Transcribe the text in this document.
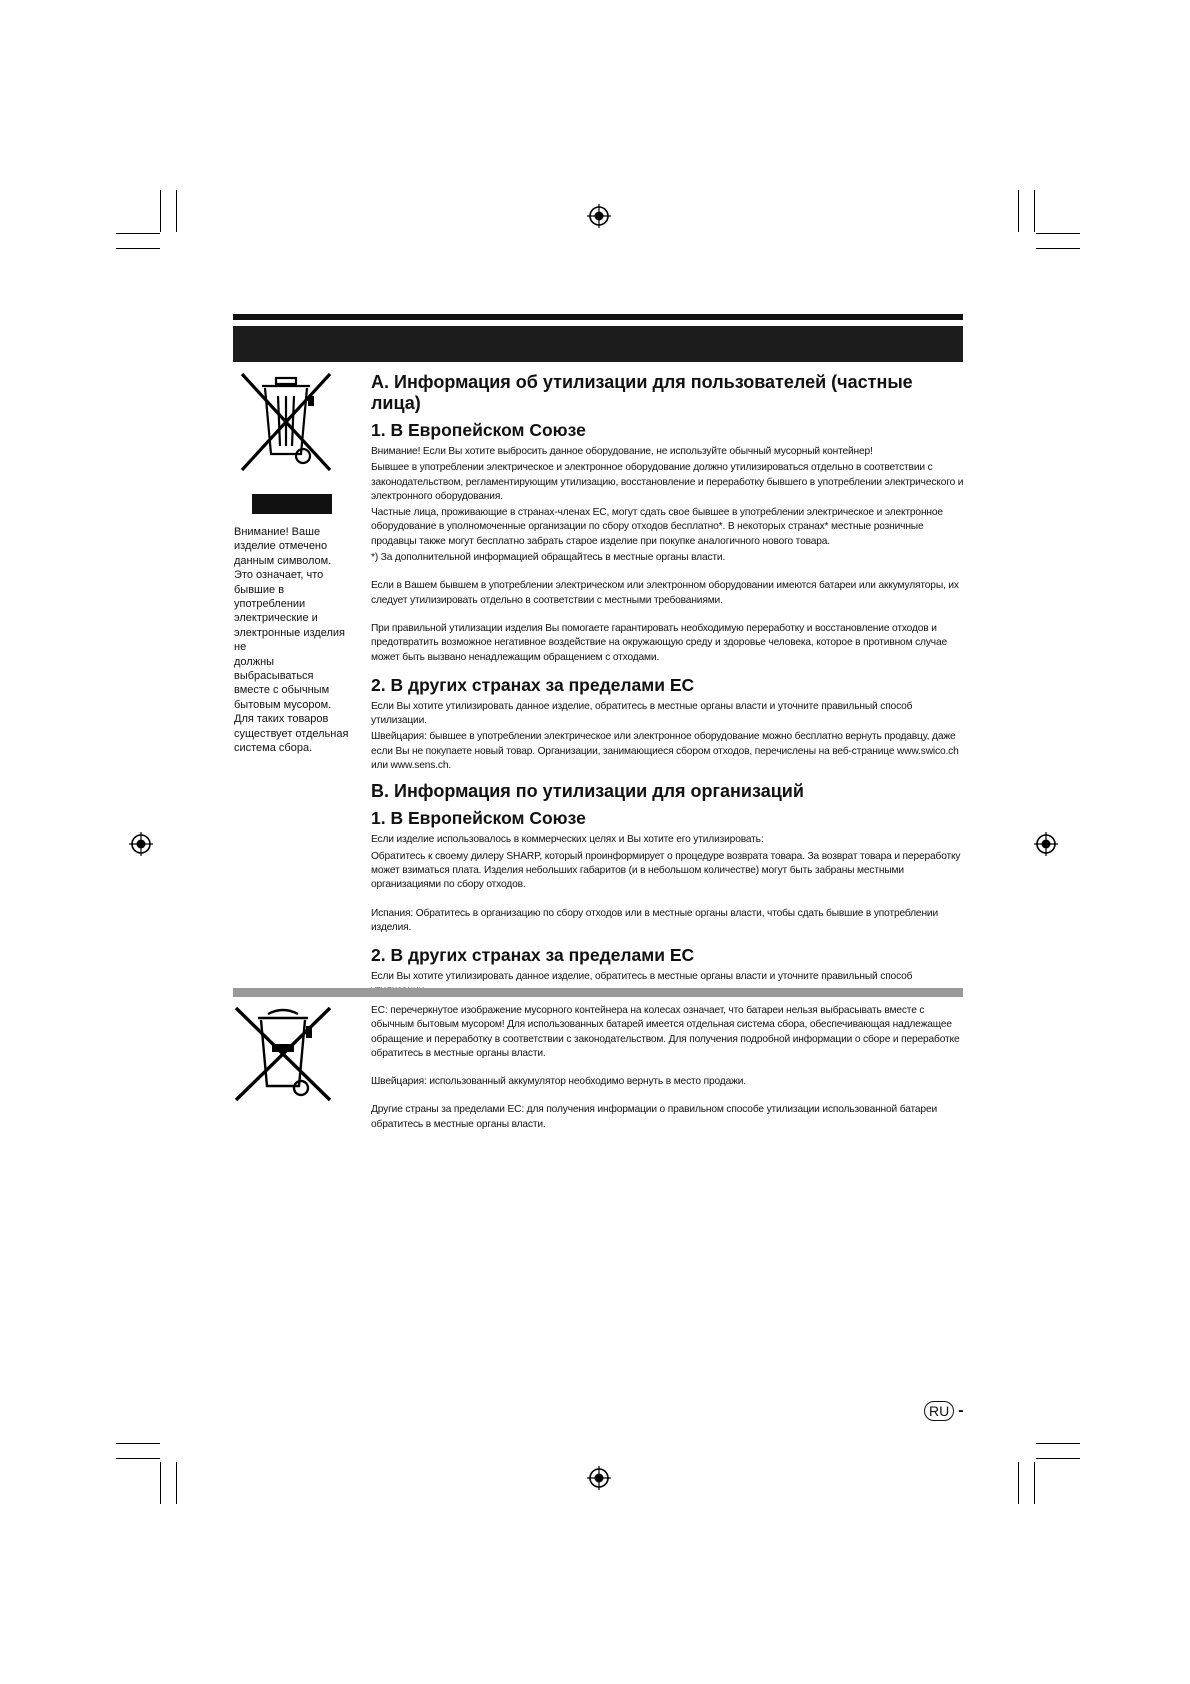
Внимание! Ваше
изделие отмечено
данным символом.
Это означает, что
бывшие в употреблении
электрические и
электронные изделия не
должны выбрасываться
вместе с обычным
бытовым мусором.
Для таких товаров
существует отдельная
система сбора.
A. Информация об утилизации для пользователей (частные лица)
1. В Европейском Союзе
Внимание! Если Вы хотите выбросить данное оборудование, не используйте обычный мусорный контейнер!
Бывшее в употреблении электрическое и электронное оборудование должно утилизироваться отдельно в соответствии с законодательством, регламентирующим утилизацию, восстановление и переработку бывшего в употреблении электрического и электронного оборудования.
Частные лица, проживающие в странах-членах ЕС, могут сдать свое бывшее в употреблении электрическое и электронное оборудование в уполномоченные организации по сбору отходов бесплатно*. В некоторых странах* местные розничные продавцы также могут бесплатно забрать старое изделие при покупке аналогичного нового товара.
*) За дополнительной информацией обращайтесь в местные органы власти.
Если в Вашем бывшем в употреблении электрическом или электронном оборудовании имеются батареи или аккумуляторы, их следует утилизировать отдельно в соответствии с местными требованиями.
При правильной утилизации изделия Вы помогаете гарантировать необходимую переработку и восстановление отходов и предотвратить возможное негативное воздействие на окружающую среду и здоровье человека, которое в противном случае может быть вызвано ненадлежащим обращением с отходами.
2. В других странах за пределами ЕС
Если Вы хотите утилизировать данное изделие, обратитесь в местные органы власти и уточните правильный способ утилизации.
Швейцария: бывшее в употреблении электрическое или электронное оборудование можно бесплатно вернуть продавцу, даже если Вы не покупаете новый товар. Организации, занимающиеся сбором отходов, перечислены на веб-странице www.swico.ch или www.sens.ch.
B. Информация по утилизации для организаций
1. В Европейском Союзе
Если изделие использовалось в коммерческих целях и Вы хотите его утилизировать:
Обратитесь к своему дилеру SHARP, который проинформирует о процедуре возврата товара. За возврат товара и переработку может взиматься плата. Изделия небольших габаритов (и в небольшом количестве) могут быть забраны местными организациями по сбору отходов.
Испания: Обратитесь в организацию по сбору отходов или в местные органы власти, чтобы сдать бывшие в употреблении изделия.
2. В других странах за пределами ЕС
Если Вы хотите утилизировать данное изделие, обратитесь в местные органы власти и уточните правильный способ
ЕС: перечеркнутое изображение мусорного контейнера на колесах означает, что батареи нельзя выбрасывать вместе с обычным бытовым мусором! Для использованных батарей имеется отдельная система сбора, обеспечивающая надлежащее обращение и переработку в соответствии с законодательством. Для получения подробной информации о сборе и переработке обратитесь в местные органы власти.
Швейцария: использованный аккумулятор необходимо вернуть в место продажи.
Другие страны за пределами ЕС: для получения информации о правильном способе утилизации использованной батареи обратитесь в местные органы власти.
RU -
